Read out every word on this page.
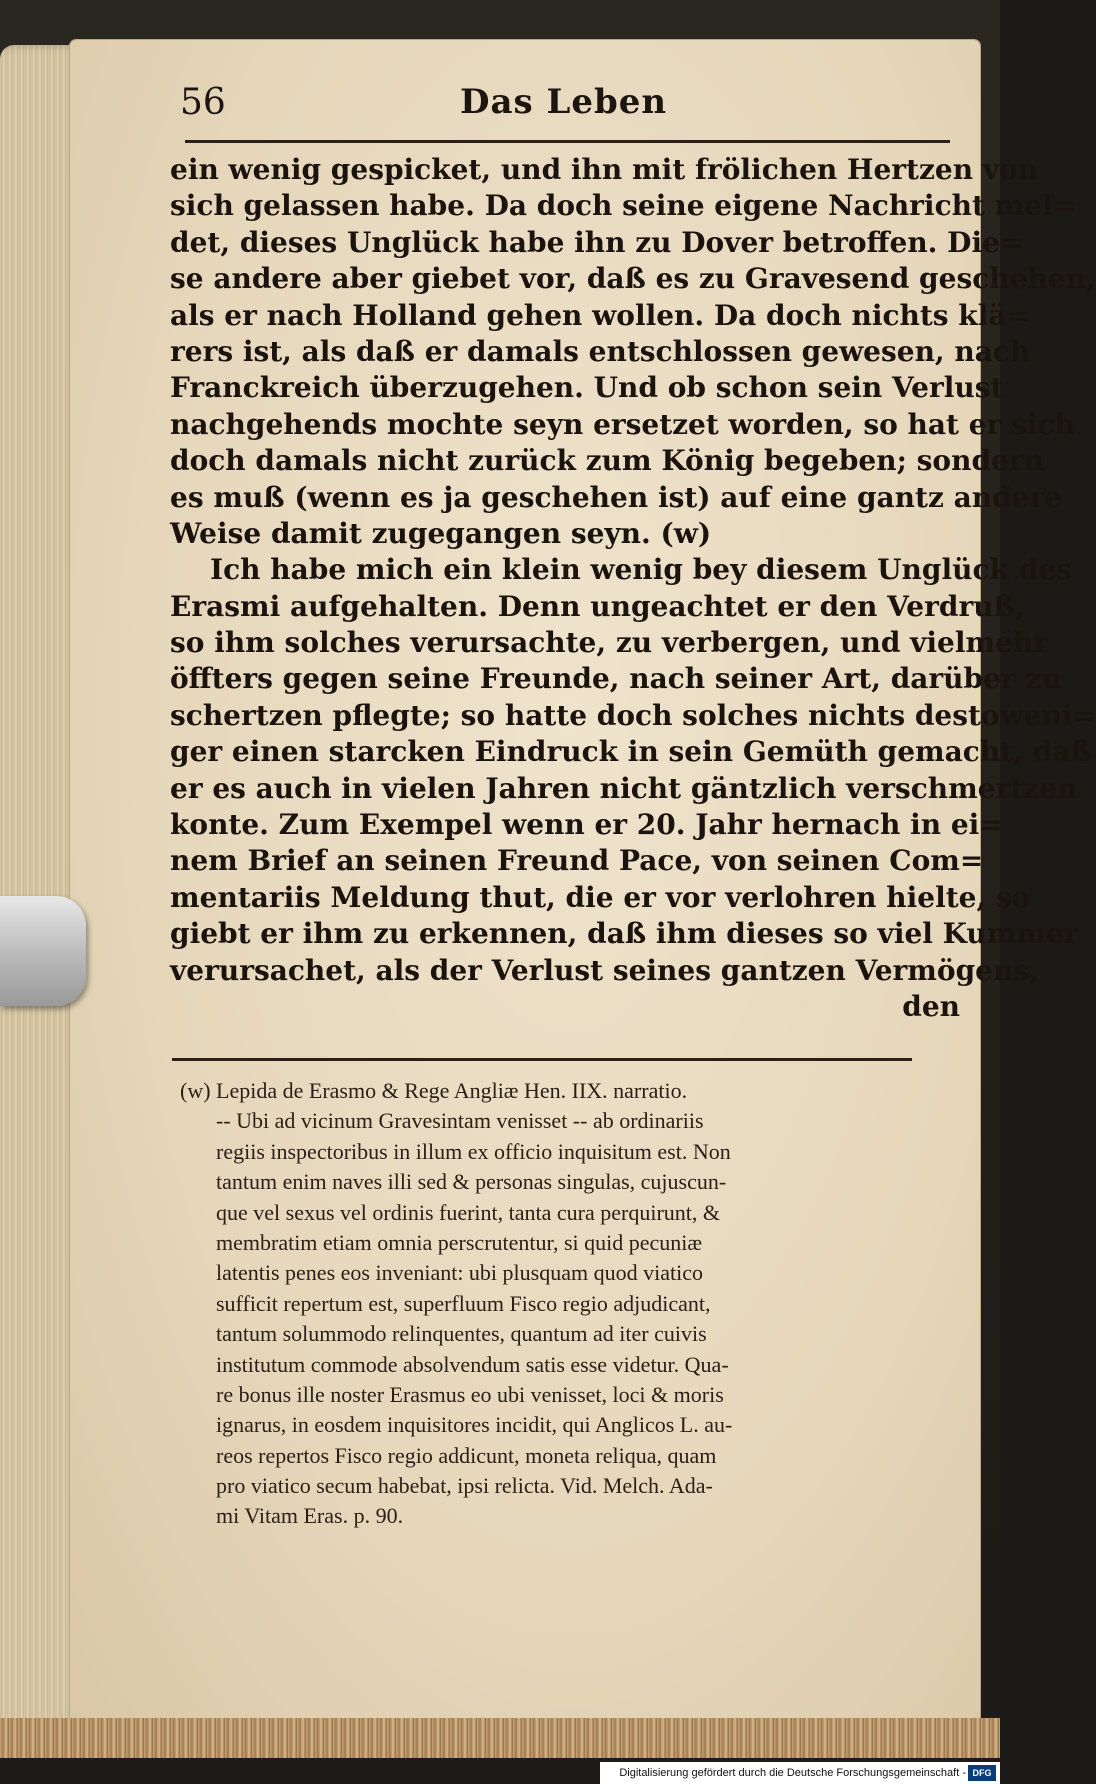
56	Das Leben
ein wenig gespicket, und ihn mit frölichen Hertzen von
sich gelassen habe. Da doch seine eigene Nachricht mel=
det, dieses Unglück habe ihn zu Dover betroffen. Die=
se andere aber giebet vor, daß es zu Gravesend geschehen,
als er nach Holland gehen wollen. Da doch nichts klä=
rers ist, als daß er damals entschlossen gewesen, nach
Franckreich überzugehen. Und ob schon sein Verlust
nachgehends mochte seyn ersetzet worden, so hat er sich
doch damals nicht zurück zum König begeben; sondern
es muß (wenn es ja geschehen ist) auf eine gantz andere
Weise damit zugegangen seyn. (w)
Ich habe mich ein klein wenig bey diesem Unglück des
Erasmi aufgehalten. Denn ungeachtet er den Verdruß,
so ihm solches verursachte, zu verbergen, und vielmehr
öffters gegen seine Freunde, nach seiner Art, darüber zu
schertzen pflegte; so hatte doch solches nichts destoweni=
ger einen starcken Eindruck in sein Gemüth gemacht, daß
er es auch in vielen Jahren nicht gäntzlich verschmertzen
konte. Zum Exempel wenn er 20. Jahr hernach in ei=
nem Brief an seinen Freund Pace, von seinen Com=
mentariis Meldung thut, die er vor verlohren hielte, so
giebt er ihm zu erkennen, daß ihm dieses so viel Kummer
verursachet, als der Verlust seines gantzen Vermögens,
den
(w) Lepida de Erasmo & Rege Angliæ Hen. IIX. narratio.
-- Ubi ad vicinum Gravesintam venisset -- ab ordinariis
regiis inspectoribus in illum ex officio inquisitum est. Non
tantum enim naves illi sed & personas singulas, cujuscun-
que vel sexus vel ordinis fuerint, tanta cura perquirunt, &
membratim etiam omnia perscrutentur, si quid pecuniæ
latentis penes eos inveniant: ubi plusquam quod viatico
sufficit repertum est, superfluum Fisco regio adjudicant,
tantum solummodo relinquentes, quantum ad iter cuivis
institutum commode absolvendum satis esse videtur. Qua-
re bonus ille noster Erasmus eo ubi venisset, loci & moris
ignarus, in eosdem inquisitores incidit, qui Anglicos L. au-
reos repertos Fisco regio addicunt, moneta reliqua, quam
pro viatico secum habebat, ipsi relicta. Vid. Melch. Ada-
mi Vitam Eras. p. 90.
Digitalisierung gefördert durch die Deutsche Forschungsgemeinschaft - DFG
